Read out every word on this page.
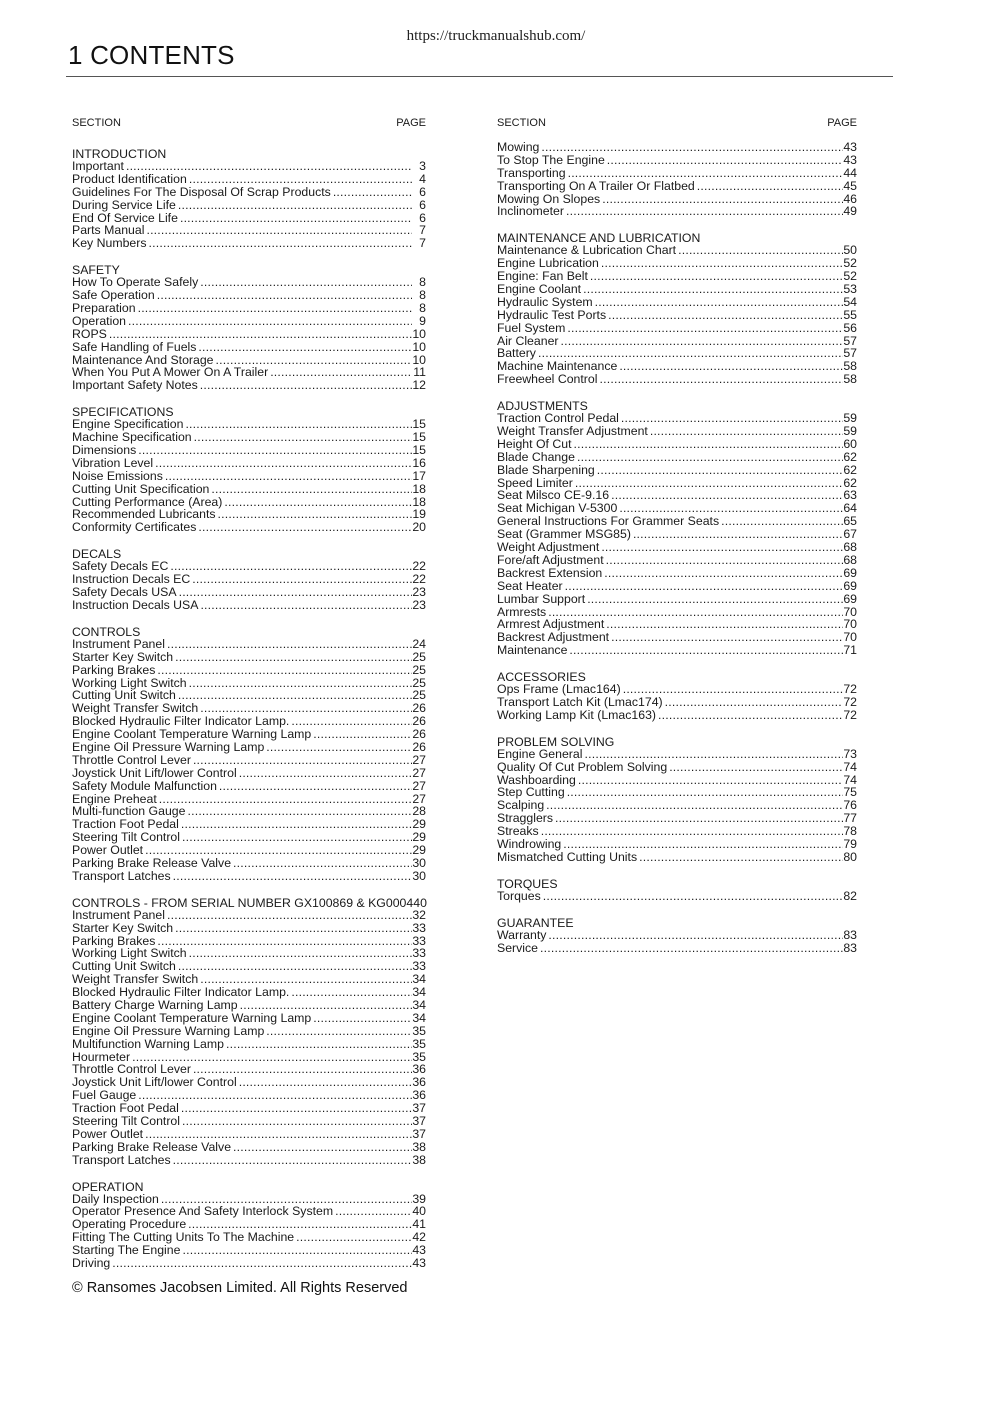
https://truckmanualshub.com/
1 CONTENTS
SECTION	PAGE
INTRODUCTION
Important .....	3
Product Identification .....	4
Guidelines For The Disposal Of Scrap Products .....	6
During Service Life .....	6
End Of Service Life .....	6
Parts Manual .....	7
Key Numbers .....	7
SAFETY
How To Operate Safely .....	8
Safe Operation .....	8
Preparation .....	8
Operation .....	9
ROPS .....	10
Safe Handling of Fuels .....	10
Maintenance And Storage .....	10
When You Put A Mower On A Trailer .....	11
Important Safety Notes .....	12
SPECIFICATIONS
Engine Specification .....	15
Machine Specification .....	15
Dimensions .....	15
Vibration Level .....	16
Noise Emissions .....	17
Cutting Unit Specification .....	18
Cutting Performance (Area) .....	18
Recommended Lubricants .....	19
Conformity Certificates .....	20
DECALS
Safety Decals EC .....	22
Instruction Decals EC .....	22
Safety Decals USA .....	23
Instruction Decals USA .....	23
CONTROLS
Instrument Panel .....	24
Starter Key Switch .....	25
Parking Brakes .....	25
Working Light Switch .....	25
Cutting Unit Switch .....	25
Weight Transfer Switch .....	26
Blocked Hydraulic Filter Indicator Lamp. .....	26
Engine Coolant Temperature Warning Lamp .....	26
Engine Oil Pressure Warning Lamp .....	26
Throttle Control Lever .....	27
Joystick Unit Lift/lower Control .....	27
Safety Module Malfunction .....	27
Engine Preheat .....	27
Multi-function Gauge .....	28
Traction Foot Pedal .....	29
Steering Tilt Control .....	29
Power Outlet .....	29
Parking Brake Release Valve .....	30
Transport Latches .....	30
CONTROLS - FROM SERIAL NUMBER GX100869 & KG000440
Instrument Panel .....	32
Starter Key Switch .....	33
Parking Brakes .....	33
Working Light Switch .....	33
Cutting Unit Switch .....	33
Weight Transfer Switch .....	34
Blocked Hydraulic Filter Indicator Lamp. .....	34
Battery Charge Warning Lamp .....	34
Engine Coolant Temperature Warning Lamp .....	34
Engine Oil Pressure Warning Lamp .....	35
Multifunction Warning Lamp .....	35
Hourmeter .....	35
Throttle Control Lever .....	36
Joystick Unit Lift/lower Control .....	36
Fuel Gauge .....	36
Traction Foot Pedal .....	37
Steering Tilt Control .....	37
Power Outlet .....	37
Parking Brake Release Valve .....	38
Transport Latches .....	38
OPERATION
Daily Inspection .....	39
Operator Presence And Safety Interlock System .....	40
Operating Procedure .....	41
Fitting The Cutting Units To The Machine .....	42
Starting The Engine .....	43
Driving .....	43
SECTION	PAGE
Mowing .....	43
To Stop The Engine .....	43
Transporting .....	44
Transporting On A Trailer Or Flatbed .....	45
Mowing On Slopes .....	46
Inclinometer .....	49
MAINTENANCE AND LUBRICATION
Maintenance & Lubrication Chart .....	50
Engine Lubrication .....	52
Engine: Fan Belt .....	52
Engine Coolant .....	53
Hydraulic System .....	54
Hydraulic Test Ports .....	55
Fuel System .....	56
Air Cleaner .....	57
Battery .....	57
Machine Maintenance .....	58
Freewheel Control .....	58
ADJUSTMENTS
Traction Control Pedal .....	59
Weight Transfer Adjustment .....	59
Height Of Cut .....	60
Blade Change .....	62
Blade Sharpening .....	62
Speed Limiter .....	62
Seat Milsco CE-9.16 .....	63
Seat Michigan V-5300 .....	64
General Instructions For Grammer Seats .....	65
Seat (Grammer MSG85) .....	67
Weight Adjustment .....	68
Fore/aft Adjustment .....	68
Backrest Extension .....	69
Seat Heater .....	69
Lumbar Support .....	69
Armrests .....	70
Armrest Adjustment .....	70
Backrest Adjustment .....	70
Maintenance .....	71
ACCESSORIES
Ops Frame (Lmac164) .....	72
Transport Latch Kit (Lmac174) .....	72
Working Lamp Kit (Lmac163) .....	72
PROBLEM SOLVING
Engine General .....	73
Quality Of Cut Problem Solving .....	74
Washboarding .....	74
Step Cutting .....	75
Scalping .....	76
Stragglers .....	77
Streaks .....	78
Windrowing .....	79
Mismatched Cutting Units .....	80
TORQUES
Torques .....	82
GUARANTEE
Warranty .....	83
Service .....	83
© Ransomes Jacobsen Limited. All Rights Reserved
